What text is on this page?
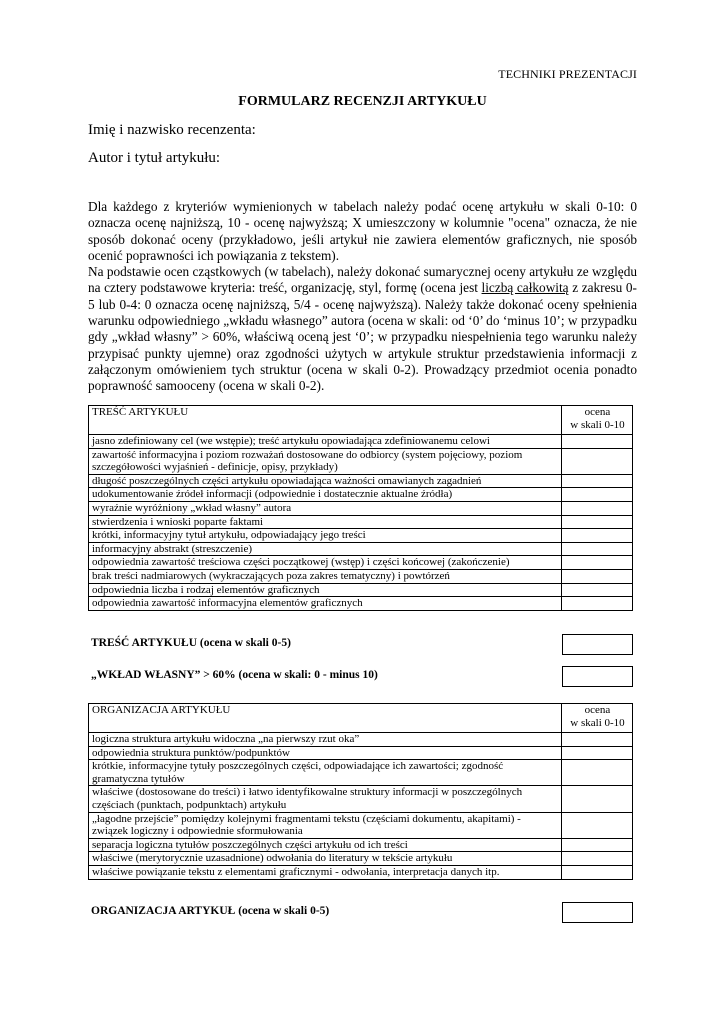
TECHNIKI PREZENTACJI
FORMULARZ RECENZJI ARTYKUŁU
Imię i nazwisko recenzenta:
Autor i tytuł artykułu:

Dla każdego z kryteriów wymienionych w tabelach należy podać ocenę artykułu w skali 0-10: 0 oznacza ocenę najniższą, 10 - ocenę najwyższą; X umieszczony w kolumnie "ocena" oznacza, że nie sposób dokonać oceny (przykładowo, jeśli artykuł nie zawiera elementów graficznych, nie sposób ocenić poprawności ich powiązania z tekstem).

Na podstawie ocen cząstkowych (w tabelach), należy dokonać sumarycznej oceny artykułu ze względu na cztery podstawowe kryteria: treść, organizację, styl, formę (ocena jest liczbą całkowitą z zakresu 0-5 lub 0-4: 0 oznacza ocenę najniższą, 5/4 - ocenę najwyższą). Należy także dokonać oceny spełnienia warunku odpowiedniego „wkładu własnego” autora (ocena w skali: od ‘0’ do ‘minus 10’; w przypadku gdy „wkład własny” > 60%, właściwą oceną jest ‘0’; w przypadku niespełnienia tego warunku należy przypisać punkty ujemne) oraz zgodności użytych w artykule struktur przedstawienia informacji z załączonym omówieniem tych struktur (ocena w skali 0-2). Prowadzący przedmiot ocenia ponadto poprawność samooceny (ocena w skali 0-2).

TREŚĆ ARTYKUŁU	ocena
w skali 0-10
jasno zdefiniowany cel (we wstępie); treść artykułu opowiadająca zdefiniowanemu celowi	
zawartość informacyjna i poziom rozważań dostosowane do odbiorcy (system pojęciowy, poziom szczegółowości wyjaśnień - definicje, opisy, przykłady)	
długość poszczególnych części artykułu opowiadająca ważności omawianych zagadnień	
udokumentowanie źródeł informacji (odpowiednie i dostatecznie aktualne źródła)	
wyraźnie wyróżniony „wkład własny” autora	
stwierdzenia i wnioski poparte faktami	
krótki, informacyjny tytuł artykułu, odpowiadający jego treści	
informacyjny abstrakt (streszczenie)	
odpowiednia zawartość treściowa części początkowej (wstęp) i części końcowej (zakończenie)	
brak treści nadmiarowych (wykraczających poza zakres tematyczny) i powtórzeń	
odpowiednia liczba i rodzaj elementów graficznych	
odpowiednia zawartość informacyjna elementów graficznych	
TREŚĆ ARTYKUŁU (ocena w skali 0-5)
„WKŁAD WŁASNY” > 60% (ocena w skali: 0 - minus 10)
ORGANIZACJA ARTYKUŁU	ocena
w skali 0-10
logiczna struktura artykułu widoczna „na pierwszy rzut oka”	
odpowiednia struktura punktów/podpunktów	
krótkie, informacyjne tytuły poszczególnych części, odpowiadające ich zawartości; zgodność gramatyczna tytułów	
właściwe (dostosowane do treści) i łatwo identyfikowalne struktury informacji w poszczególnych częściach (punktach, podpunktach) artykułu	
„łagodne przejście” pomiędzy kolejnymi fragmentami tekstu (częściami dokumentu, akapitami) - związek logiczny i odpowiednie sformułowania	
separacja logiczna tytułów poszczególnych części artykułu od ich treści	
właściwe (merytorycznie uzasadnione) odwołania do literatury w tekście artykułu	
właściwe powiązanie tekstu z elementami graficznymi - odwołania, interpretacja danych itp.	
ORGANIZACJA ARTYKUŁ (ocena w skali 0-5)
